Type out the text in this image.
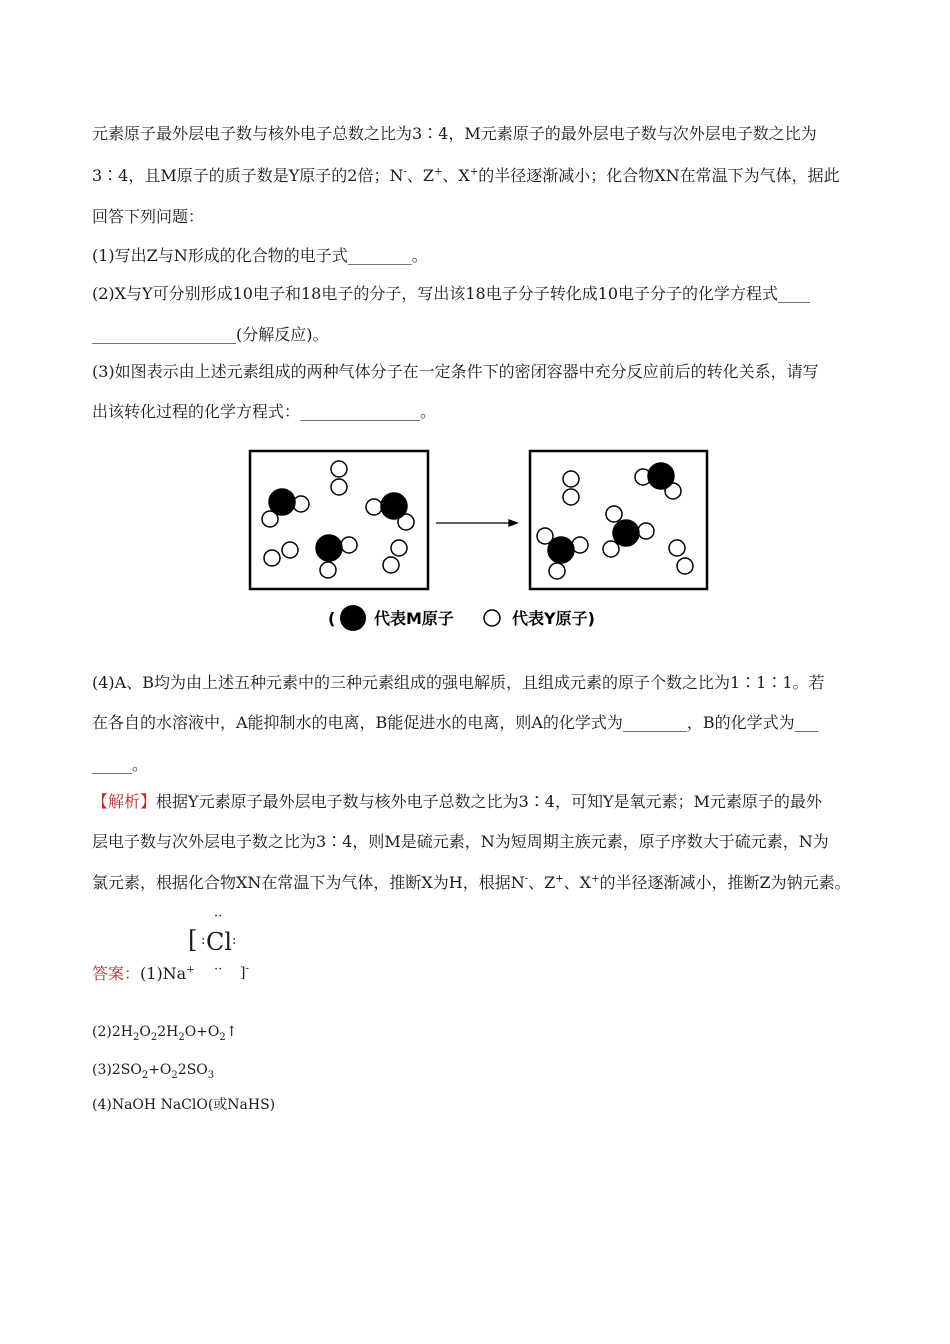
元素原子最外层电子数与核外电子总数之比为3∶4，M元素原子的最外层电子数与次外层电子数之比为
3∶4，且M原子的质子数是Y原子的2倍；N-、Z+、X+的半径逐渐减小；化合物XN在常温下为气体，据此
回答下列问题：
(1)写出Z与N形成的化合物的电子式________。
(2)X与Y可分别形成10电子和18电子的分子，写出该18电子分子转化成10电子分子的化学方程式____
__________________(分解反应)。
(3)如图表示由上述元素组成的两种气体分子在一定条件下的密闭容器中充分反应前后的转化关系，请写
出该转化过程的化学方程式：_______________。
( 代表M原子	代表Y原子)
(4)A、B均为由上述五种元素中的三种元素组成的强电解质，且组成元素的原子个数之比为1∶1∶1。若
在各自的水溶液中，A能抑制水的电离，B能促进水的电离，则A的化学式为________，B的化学式为___
_____。
【解析】根据Y元素原子最外层电子数与核外电子总数之比为3∶4，可知Y是氧元素；M元素原子的最外
层电子数与次外层电子数之比为3∶4，则M是硫元素，N为短周期主族元素，原子序数大于硫元素，N为
氯元素，根据化合物XN在常温下为气体，推断X为H，根据N-、Z+、X+的半径逐渐减小，推断Z为钠元素。
··
[ : Cl :
·· ]-
答案：(1)Na+
$(2)2H_2O_22H_2O+O_2↑$
$(3)2SO_2+O_22SO_3$
(4)NaOH NaClO(或NaHS)
